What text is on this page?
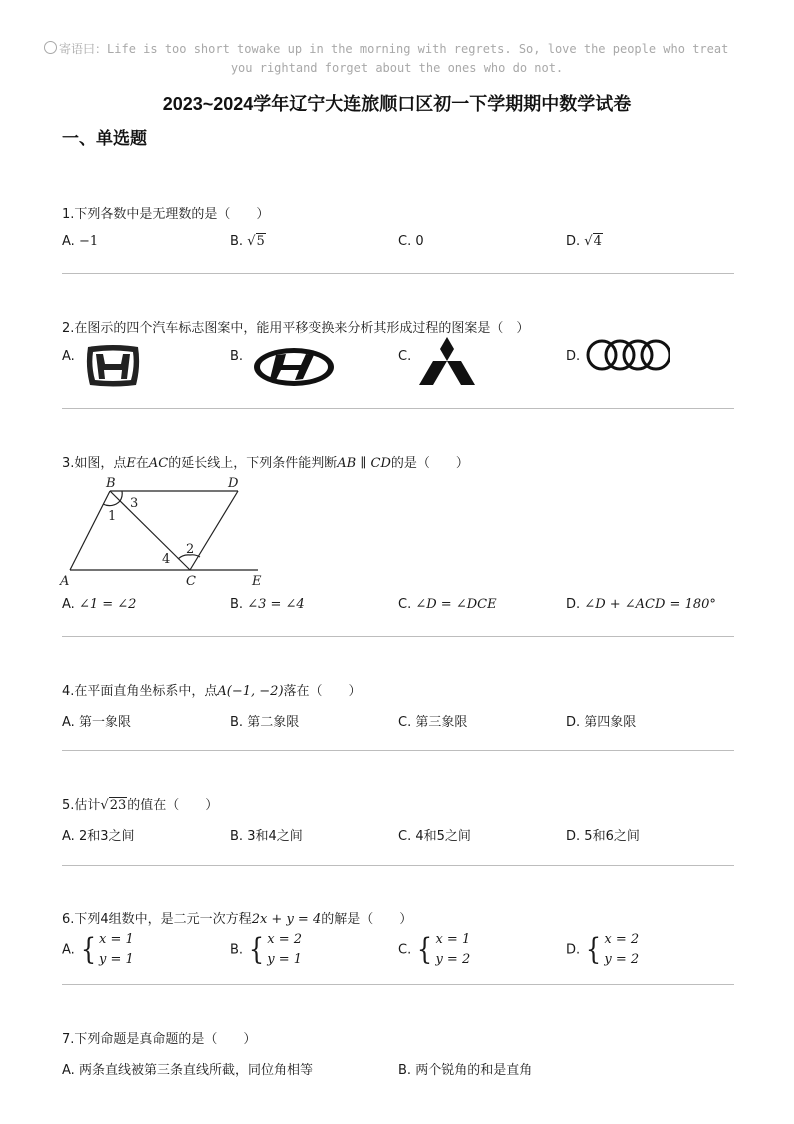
寄语曰：Life is too short towake up in the morning with regrets. So, love the people who treat
you rightand forget about the ones who do not.
2023~2024学年辽宁大连旅顺口区初一下学期期中数学试卷
一、单选题
1.下列各数中是无理数的是（　　）
A. −1	B. √5	C. 0	D. √4
2.在图示的四个汽车标志图案中，能用平移变换来分析其形成过程的图案是（　）
A.	B.	C.	D.
3.如图，点E在AC的延长线上，下列条件能判断AB ∥ CD的是（　　）
A
B
C
D
E
1
3
4
2
A. ∠1 = ∠2	B. ∠3 = ∠4	C. ∠D = ∠DCE	D. ∠D + ∠ACD = 180°
4.在平面直角坐标系中，点A(−1, −2)落在（　　）
A. 第一象限	B. 第二象限	C. 第三象限	D. 第四象限
5.估计√23的值在（　　）
A. 2和3之间	B. 3和4之间	C. 4和5之间	D. 5和6之间
6.下列4组数中，是二元一次方程2x + y = 4的解是（　　）
A. { x = 1
y = 1
B. { x = 2
y = 1
C. { x = 1
y = 2
D. { x = 2
y = 2
7.下列命题是真命题的是（　　）
A. 两条直线被第三条直线所截，同位角相等	B. 两个锐角的和是直角
